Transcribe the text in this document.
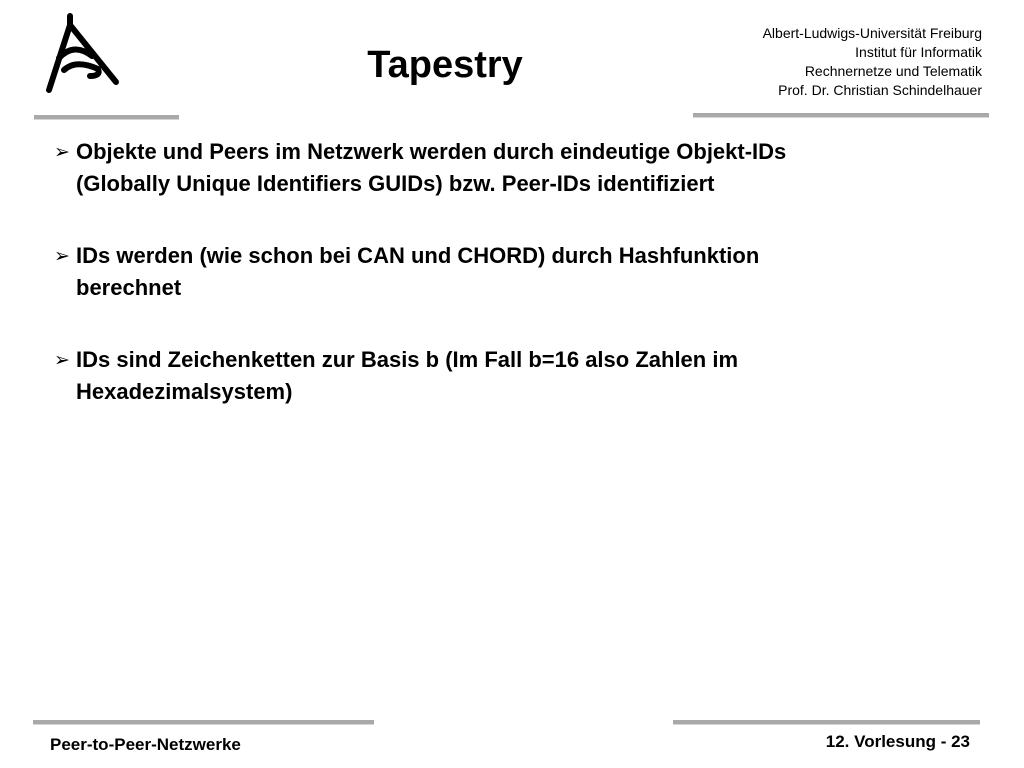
Tapestry
Albert-Ludwigs-Universität Freiburg
Institut für Informatik
Rechnernetze und Telematik
Prof. Dr. Christian Schindelhauer
➢ Objekte und Peers im Netzwerk werden durch eindeutige Objekt-IDs
(Globally Unique Identifiers GUIDs) bzw. Peer-IDs identifiziert
➢ IDs werden (wie schon bei CAN und CHORD) durch Hashfunktion
berechnet
➢ IDs sind Zeichenketten zur Basis b (Im Fall b=16 also Zahlen im
Hexadezimalsystem)
Peer-to-Peer-Netzwerke	12. Vorlesung - 23
